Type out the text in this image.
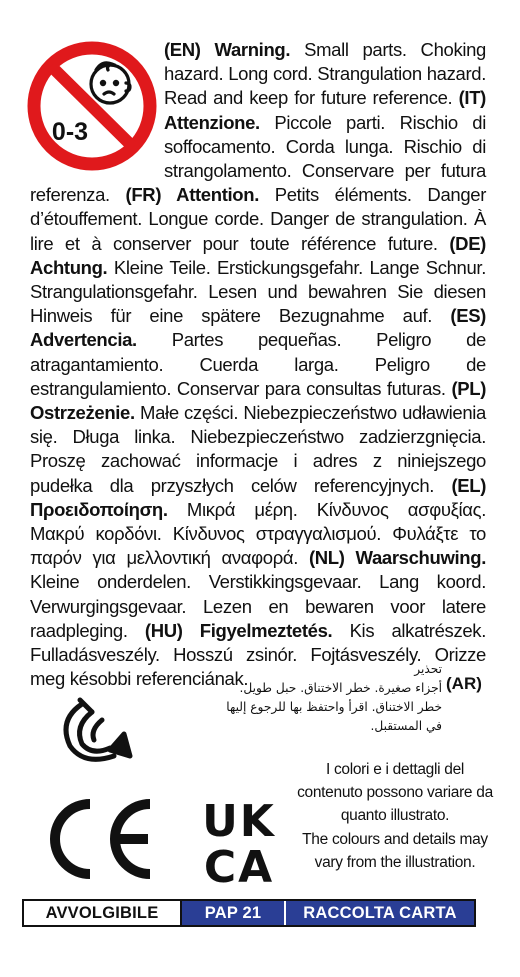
0-3
(EN) Warning. Small parts. Choking hazard. Long cord. Strangulation hazard. Read and keep for future reference. (IT) Attenzione. Piccole parti. Rischio di soffocamento. Corda lunga. Rischio di strangolamento. Conservare per futura referenza. (FR) Attention. Petits éléments. Danger d’étouffement. Longue corde. Danger de strangulation. À lire et à conserver pour toute référence future. (DE) Achtung. Kleine Teile. Erstickungsgefahr. Lange Schnur. Strangulationsgefahr. Lesen und bewahren Sie diesen Hinweis für eine spätere Bezugnahme auf. (ES) Advertencia. Partes pequeñas. Peligro de atragantamiento. Cuerda larga. Peligro de estrangulamiento. Conservar para consultas futuras. (PL) Ostrzeżenie. Małe części. Niebezpieczeństwo udławienia się. Długa linka. Niebezpieczeństwo zadzierzgnięcia. Proszę zachować informacje i adres z niniejszego pudełka dla przyszłych celów referencyjnych. (EL) Προειδοποίηση. Μικρά μέρη. Κίνδυνος ασφυξίας. Μακρύ κορδόνι. Κίνδυνος στραγγαλισμού. Φυλάξτε το παρόν για μελλοντική αναφορά. (NL) Waarschuwing. Kleine onderdelen. Verstikkingsgevaar. Lang koord. Verwurgingsgevaar. Lezen en bewaren voor latere raadpleging. (HU) Figyelmeztetés. Kis alkatrészek. Fulladásveszély. Hosszú zsinór. Fojtásveszély. Orizze meg késobbi referenciának.	تحذير
أجزاء صغيرة. خطر الاختناق. حبل طويل.
خطر الاختناق. اقرأ واحتفظ بها للرجوع إليها
في المستقبل.
(AR)
UK
CA
I colori e i dettagli del contenuto possono variare da quanto illustrato.
The colours and details may vary from the illustration.
AVVOLGIBILE	PAP 21	RACCOLTA CARTA
